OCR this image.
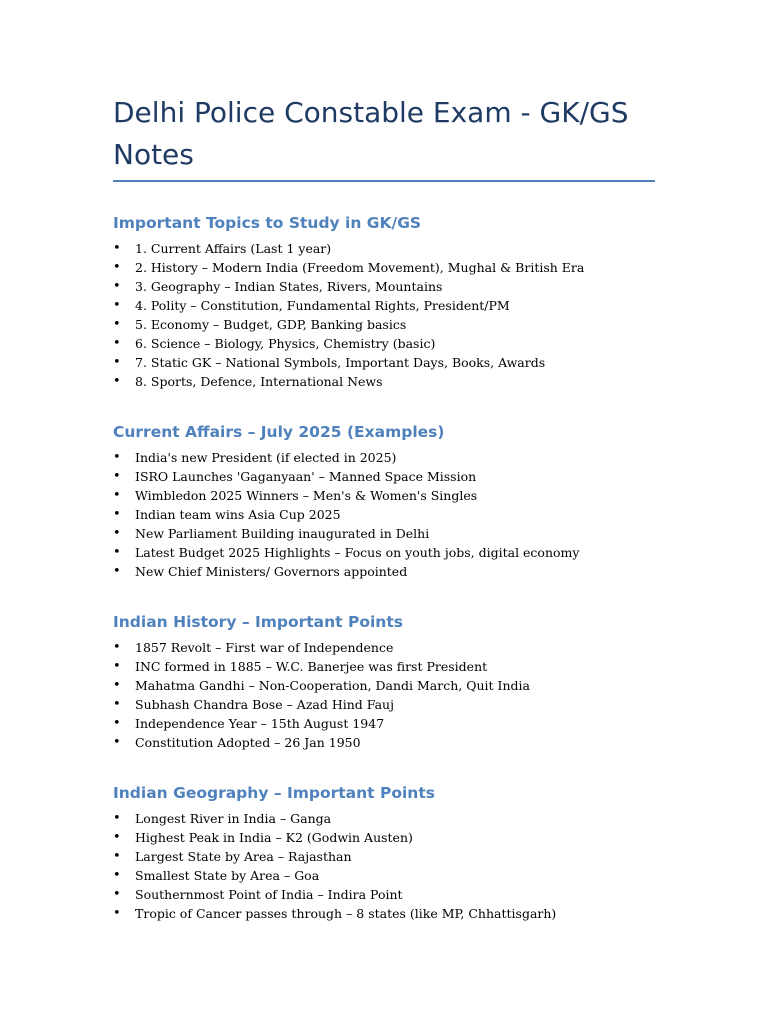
Delhi Police Constable Exam - GK/GS Notes
Important Topics to Study in GK/GS
• 1. Current Affairs (Last 1 year)
• 2. History – Modern India (Freedom Movement), Mughal & British Era
• 3. Geography – Indian States, Rivers, Mountains
• 4. Polity – Constitution, Fundamental Rights, President/PM
• 5. Economy – Budget, GDP, Banking basics
• 6. Science – Biology, Physics, Chemistry (basic)
• 7. Static GK – National Symbols, Important Days, Books, Awards
• 8. Sports, Defence, International News
Current Affairs – July 2025 (Examples)
• India's new President (if elected in 2025)
• ISRO Launches 'Gaganyaan' – Manned Space Mission
• Wimbledon 2025 Winners – Men's & Women's Singles
• Indian team wins Asia Cup 2025
• New Parliament Building inaugurated in Delhi
• Latest Budget 2025 Highlights – Focus on youth jobs, digital economy
• New Chief Ministers/ Governors appointed
Indian History – Important Points
• 1857 Revolt – First war of Independence
• INC formed in 1885 – W.C. Banerjee was first President
• Mahatma Gandhi – Non-Cooperation, Dandi March, Quit India
• Subhash Chandra Bose – Azad Hind Fauj
• Independence Year – 15th August 1947
• Constitution Adopted – 26 Jan 1950
Indian Geography – Important Points
• Longest River in India – Ganga
• Highest Peak in India – K2 (Godwin Austen)
• Largest State by Area – Rajasthan
• Smallest State by Area – Goa
• Southernmost Point of India – Indira Point
• Tropic of Cancer passes through – 8 states (like MP, Chhattisgarh)
